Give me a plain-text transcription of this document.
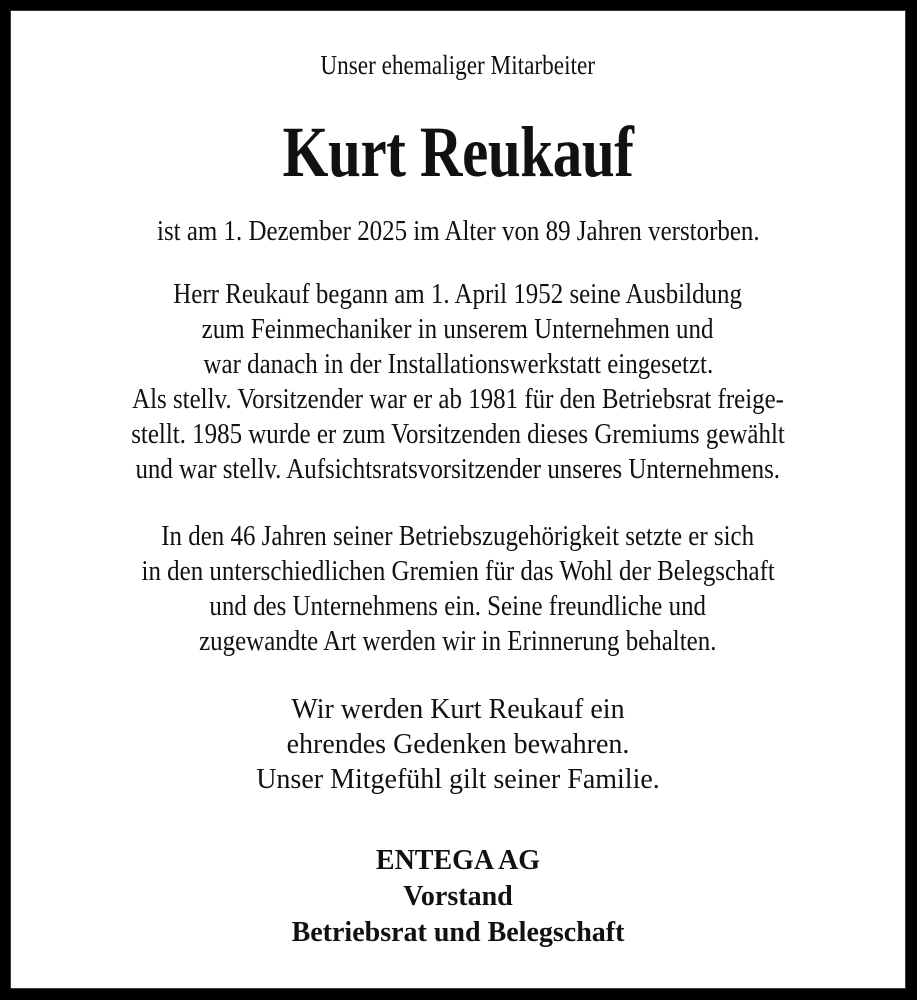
Unser ehemaliger Mitarbeiter
Kurt Reukauf
ist am 1. Dezember 2025 im Alter von 89 Jahren verstorben.
Herr Reukauf begann am 1. April 1952 seine Ausbildung
zum Feinmechaniker in unserem Unternehmen und
war danach in der Installationswerkstatt eingesetzt.
Als stellv. Vorsitzender war er ab 1981 für den Betriebsrat freige-
stellt. 1985 wurde er zum Vorsitzenden dieses Gremiums gewählt
und war stellv. Aufsichtsratsvorsitzender unseres Unternehmens.
In den 46 Jahren seiner Betriebszugehörigkeit setzte er sich
in den unterschiedlichen Gremien für das Wohl der Belegschaft
und des Unternehmens ein. Seine freundliche und
zugewandte Art werden wir in Erinnerung behalten.
Wir werden Kurt Reukauf ein
ehrendes Gedenken bewahren.
Unser Mitgefühl gilt seiner Familie.
ENTEGA AG
Vorstand
Betriebsrat und Belegschaft
